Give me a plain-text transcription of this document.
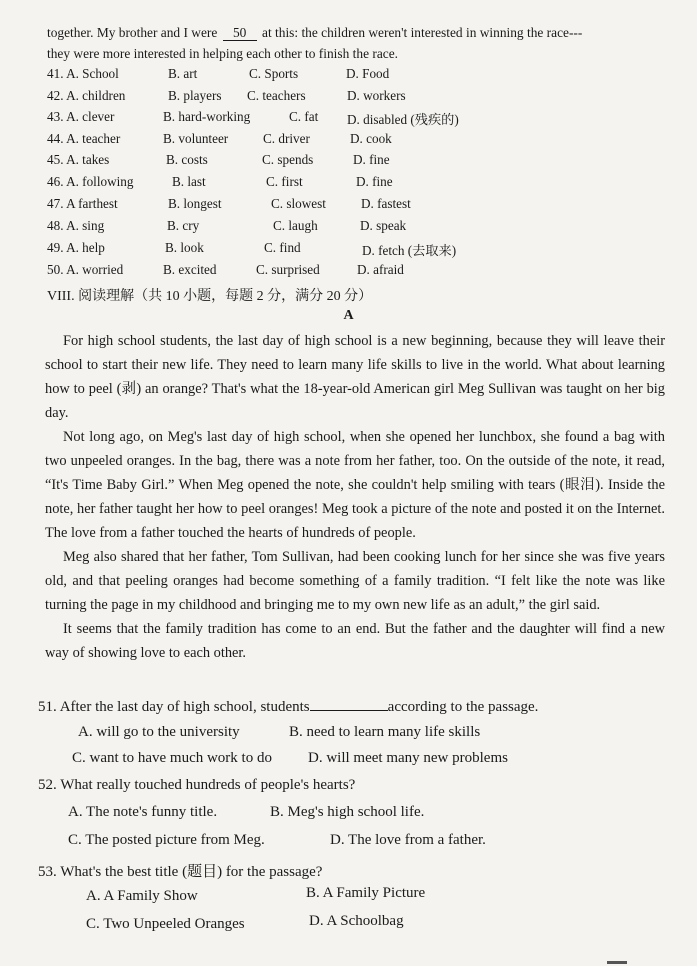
together. My brother and I were 50 at this: the children weren't interested in winning the race---
they were more interested in helping each other to finish the race.
41. A. School	B. art	C. Sports	D. Food
42. A. children	B. players C. teachers	D. workers
43. A. clever	B. hard-working	C. fat D. disabled (残疾的)
44. A. teacher	B. volunteer	C. driver	D. cook
45. A. takes	B. costs	C. spends	D. fine
46. A. following	B. last	C. first	D. fine
47. A farthest	B. longest	C. slowest	D. fastest
48. A. sing	B. cry	C. laugh	D. speak
49. A. help	B. look	C. find	D. fetch (去取来)
50. A. worried	B. excited	C. surprised	D. afraid
VIII. 阅读理解（共 10 小题，每题 2 分，满分 20 分）
A

For high school students, the last day of high school is a new beginning, because they will leave their school to start their new life. They need to learn many life skills to live in the world. What about learning how to peel (剥) an orange? That's what the 18-year-old American girl Meg Sullivan was taught on her big day.

Not long ago, on Meg's last day of high school, when she opened her lunchbox, she found a bag with two unpeeled oranges. In the bag, there was a note from her father, too. On the outside of the note, it read, “It's Time Baby Girl.” When Meg opened the note, she couldn't help smiling with tears (眼泪). Inside the note, her father taught her how to peel oranges! Meg took a picture of the note and posted it on the Internet. The love from a father touched the hearts of hundreds of people.

Meg also shared that her father, Tom Sullivan, had been cooking lunch for her since she was five years old, and that peeling oranges had become something of a family tradition. “I felt like the note was like turning the page in my childhood and bringing me to my own new life as an adult,” the girl said.

It seems that the family tradition has come to an end. But the father and the daughter will find a new way of showing love to each other.

51. After the last day of high school, students	according to the passage.
A. will go to the university	B. need to learn many life skills
C. want to have much work to do D. will meet many new problems
52. What really touched hundreds of people's hearts?
A. The note's funny title.	B. Meg's high school life.
C. The posted picture from Meg.	D. The love from a father.
53. What's the best title (题目) for the passage?
A. A Family Show	B. A Family Picture
C. Two Unpeeled Oranges	D. A Schoolbag
